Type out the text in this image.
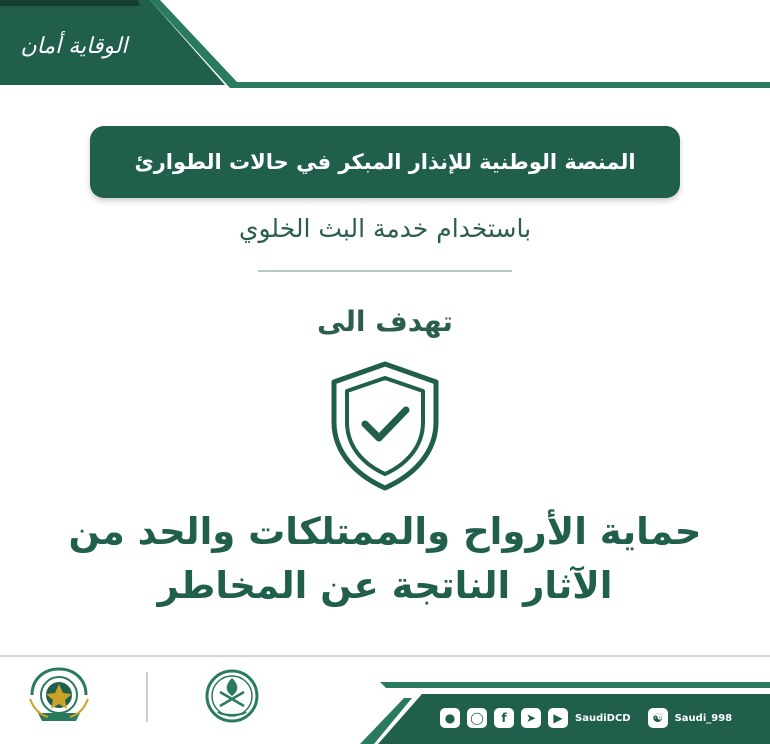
الوقاية أمان
المنصة الوطنية للإنذار المبكر في حالات الطوارئ
باستخدام خدمة البث الخلوي
تهدف الى
حماية الأرواح والممتلكات والحد من
الآثار الناتجة عن المخاطر
●	◯	f	➤	▶	SaudiDCD	☯	Saudi_998
